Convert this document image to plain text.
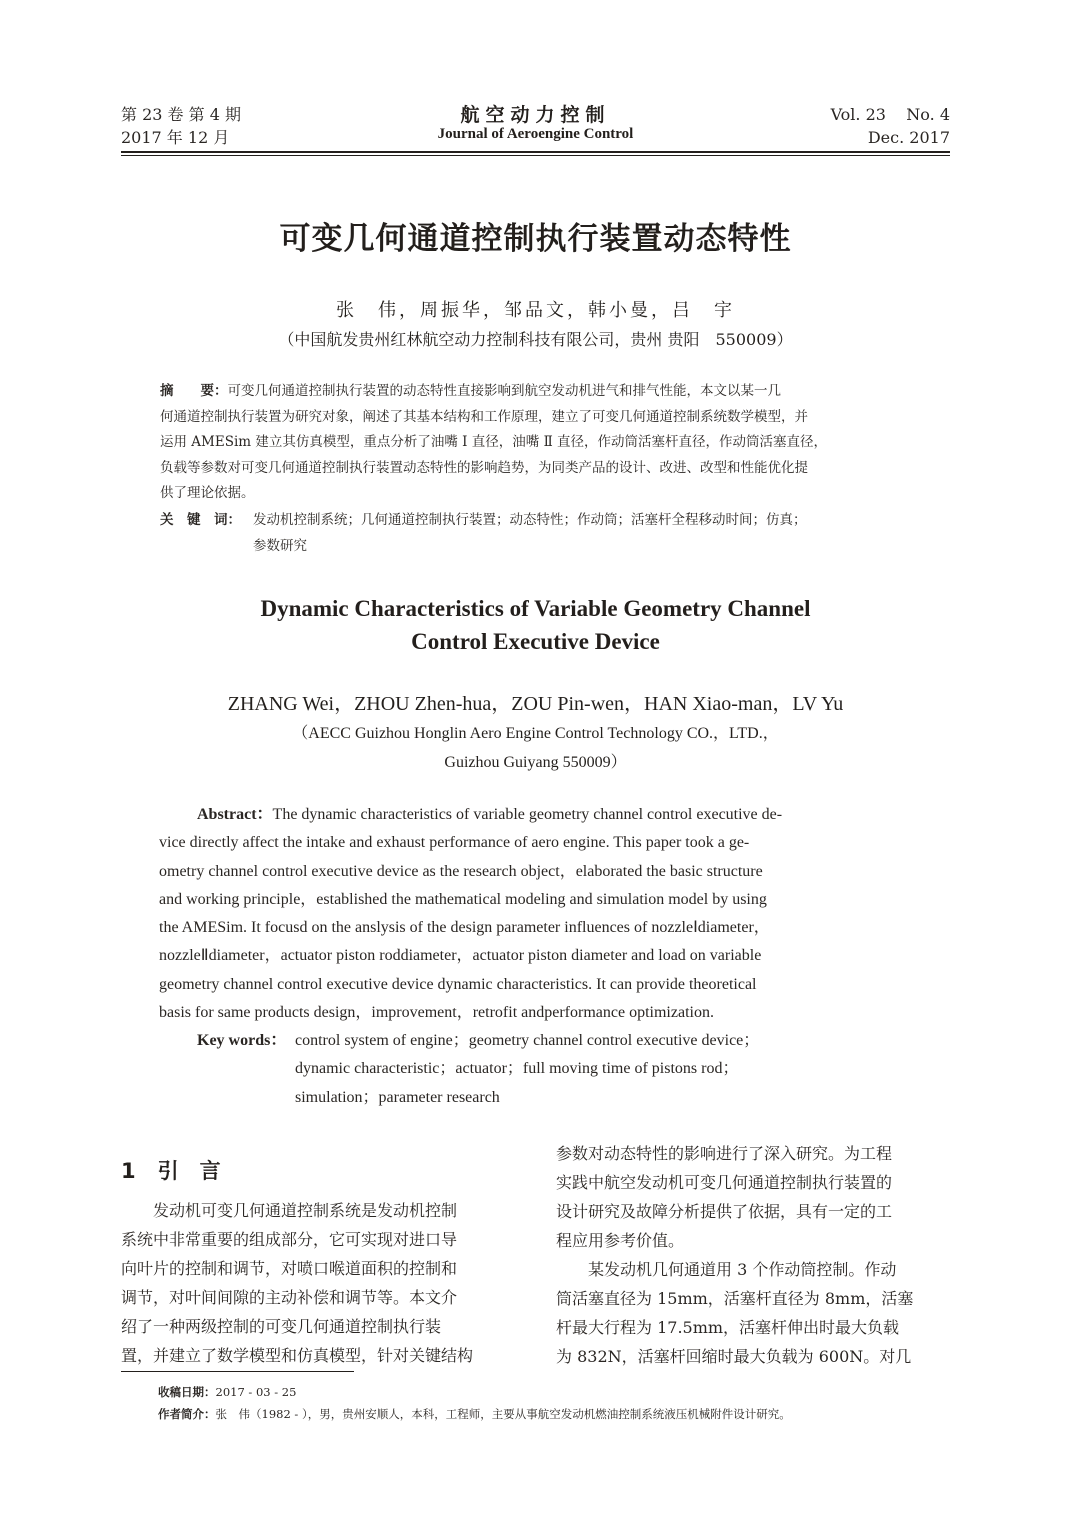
第 23 卷 第 4 期
2017 年 12 月
航空动力控制
Journal of Aeroengine Control
Vol. 23    No. 4
Dec. 2017
可变几何通道控制执行装置动态特性
张　伟，周振华，邹品文，韩小曼，吕　宇
（中国航发贵州红林航空动力控制科技有限公司，贵州 贵阳　550009）
摘　　要：可变几何通道控制执行装置的动态特性直接影响到航空发动机进气和排气性能，本文以某一几
何通道控制执行装置为研究对象，阐述了其基本结构和工作原理，建立了可变几何通道控制系统数学模型，并
运用 AMESim 建立其仿真模型，重点分析了油嘴 Ⅰ 直径，油嘴 Ⅱ 直径，作动筒活塞杆直径，作动筒活塞直径，
负载等参数对可变几何通道控制执行装置动态特性的影响趋势，为同类产品的设计、改进、改型和性能优化提
供了理论依据。
关　键　词： 发动机控制系统；几何通道控制执行装置；动态特性；作动筒；活塞杆全程移动时间；仿真；
参数研究
Dynamic Characteristics of Variable Geometry Channel
Control Executive Device
ZHANG Wei，ZHOU Zhen-hua，ZOU Pin-wen，HAN Xiao-man，LV Yu
（AECC Guizhou Honglin Aero Engine Control Technology CO.，LTD.，
Guizhou Guiyang 550009）
Abstract：The dynamic characteristics of variable geometry channel control executive de-
vice directly affect the intake and exhaust performance of aero engine. This paper took a ge-
ometry channel control executive device as the research object，elaborated the basic structure
and working principle，established the mathematical modeling and simulation model by using
the AMESim. It focusd on the anslysis of the design parameter influences of nozzleⅠdiameter，
nozzleⅡdiameter，actuator piston roddiameter，actuator piston diameter and load on variable
geometry channel control executive device dynamic characteristics. It can provide theoretical
basis for same products design，improvement，retrofit andperformance optimization.
Key words： control system of engine；geometry channel control executive device；
dynamic characteristic；actuator；full moving time of pistons rod；
simulation；parameter research
1 引　言
发动机可变几何通道控制系统是发动机控制
系统中非常重要的组成部分，它可实现对进口导
向叶片的控制和调节，对喷口喉道面积的控制和
调节，对叶间间隙的主动补偿和调节等。本文介
绍了一种两级控制的可变几何通道控制执行装
置，并建立了数学模型和仿真模型，针对关键结构
参数对动态特性的影响进行了深入研究。为工程
实践中航空发动机可变几何通道控制执行装置的
设计研究及故障分析提供了依据，具有一定的工
程应用参考价值。
某发动机几何通道用 3 个作动筒控制。作动
筒活塞直径为 15mm，活塞杆直径为 8mm，活塞
杆最大行程为 17.5mm，活塞杆伸出时最大负载
为 832N，活塞杆回缩时最大负载为 600N。对几
收稿日期：2017 - 03 - 25
作者简介：张　伟（1982 - ），男，贵州安顺人，本科，工程师，主要从事航空发动机燃油控制系统液压机械附件设计研究。
